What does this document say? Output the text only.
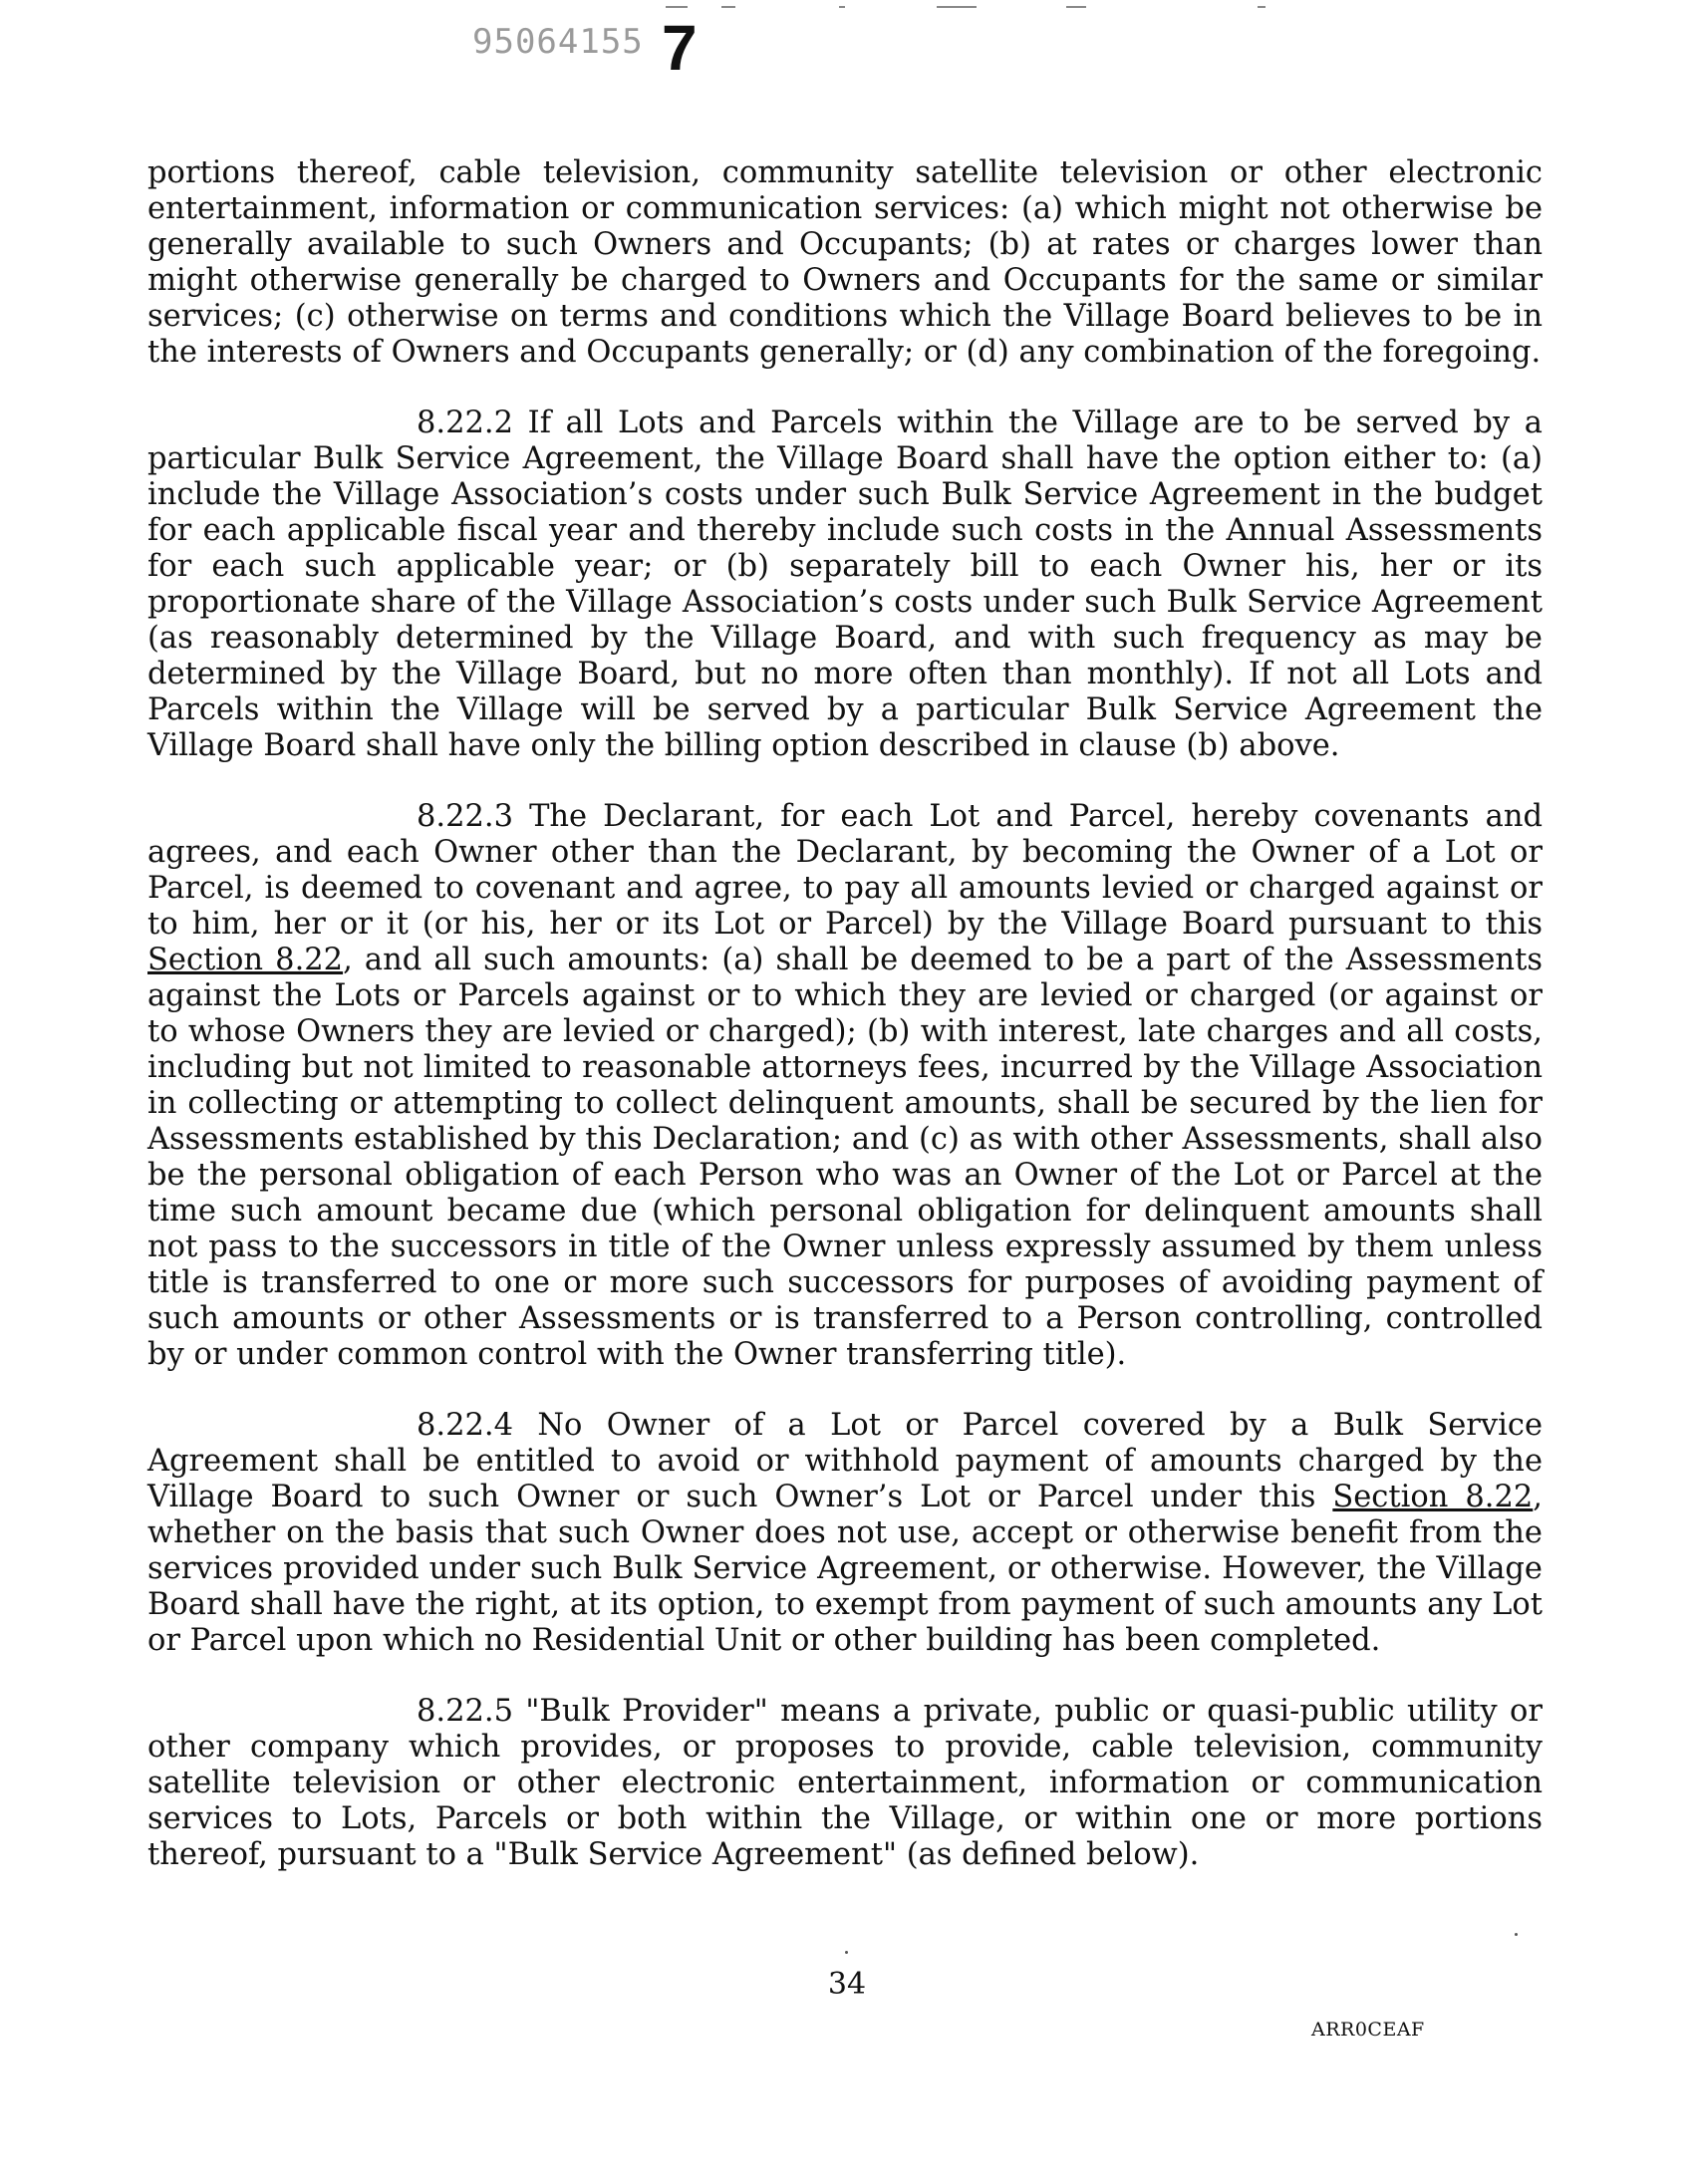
95064155 7

portions thereof, cable television, community satellite television or other electronic entertainment, information or communication services: (a) which might not otherwise be generally available to such Owners and Occupants; (b) at rates or charges lower than might otherwise generally be charged to Owners and Occupants for the same or similar services; (c) otherwise on terms and conditions which the Village Board believes to be in the interests of Owners and Occupants generally; or (d) any combination of the foregoing.

8.22.2 If all Lots and Parcels within the Village are to be served by a particular Bulk Service Agreement, the Village Board shall have the option either to: (a) include the Village Association’s costs under such Bulk Service Agreement in the budget for each applicable fiscal year and thereby include such costs in the Annual Assessments for each such applicable year; or (b) separately bill to each Owner his, her or its proportionate share of the Village Association’s costs under such Bulk Service Agreement (as reasonably determined by the Village Board, and with such frequency as may be determined by the Village Board, but no more often than monthly). If not all Lots and Parcels within the Village will be served by a particular Bulk Service Agreement the Village Board shall have only the billing option described in clause (b) above.

8.22.3 The Declarant, for each Lot and Parcel, hereby covenants and agrees, and each Owner other than the Declarant, by becoming the Owner of a Lot or Parcel, is deemed to covenant and agree, to pay all amounts levied or charged against or to him, her or it (or his, her or its Lot or Parcel) by the Village Board pursuant to this Section 8.22, and all such amounts: (a) shall be deemed to be a part of the Assessments against the Lots or Parcels against or to which they are levied or charged (or against or to whose Owners they are levied or charged); (b) with interest, late charges and all costs, including but not limited to reasonable attorneys fees, incurred by the Village Association in collecting or attempting to collect delinquent amounts, shall be secured by the lien for Assessments established by this Declaration; and (c) as with other Assessments, shall also be the personal obligation of each Person who was an Owner of the Lot or Parcel at the time such amount became due (which personal obligation for delinquent amounts shall not pass to the successors in title of the Owner unless expressly assumed by them unless title is transferred to one or more such successors for purposes of avoiding payment of such amounts or other Assessments or is transferred to a Person controlling, controlled by or under common control with the Owner transferring title).

8.22.4 No Owner of a Lot or Parcel covered by a Bulk Service Agreement shall be entitled to avoid or withhold payment of amounts charged by the Village Board to such Owner or such Owner’s Lot or Parcel under this Section 8.22, whether on the basis that such Owner does not use, accept or otherwise benefit from the services provided under such Bulk Service Agreement, or otherwise. However, the Village Board shall have the right, at its option, to exempt from payment of such amounts any Lot or Parcel upon which no Residential Unit or other building has been completed.

8.22.5 "Bulk Provider" means a private, public or quasi-public utility or other company which provides, or proposes to provide, cable television, community satellite television or other electronic entertainment, information or communication services to Lots, Parcels or both within the Village, or within one or more portions thereof, pursuant to a "Bulk Service Agreement" (as defined below).

34
ARR0CEAF
